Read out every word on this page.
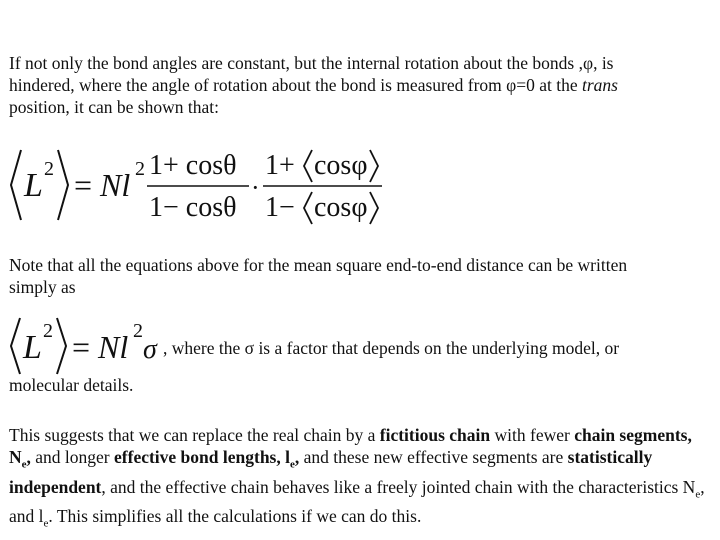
If not only the bond angles are constant, but the internal rotation about the bonds ,φ, is
hindered, where the angle of rotation about the bond is measured from φ=0 at the trans
position, it can be shown that:
L 2 = Nl 2 1+ cosθ
1− cosθ
·
1+ cosφ
1− cosφ
Note that all the equations above for the mean square end-to-end distance can be written
simply as
L 2 = Nl 2
σ , where the σ is a factor that depends on the underlying model, or
molecular details.
This suggests that we can replace the real chain by a fictitious chain with fewer chain segments, $N_e$, and longer effective bond lengths, $l_e$, and these new effective segments are statistically independent, and the effective chain behaves like a freely jointed chain with the characteristics $N_e$, and $l_e$. This simplifies all the calculations if we can do this.
